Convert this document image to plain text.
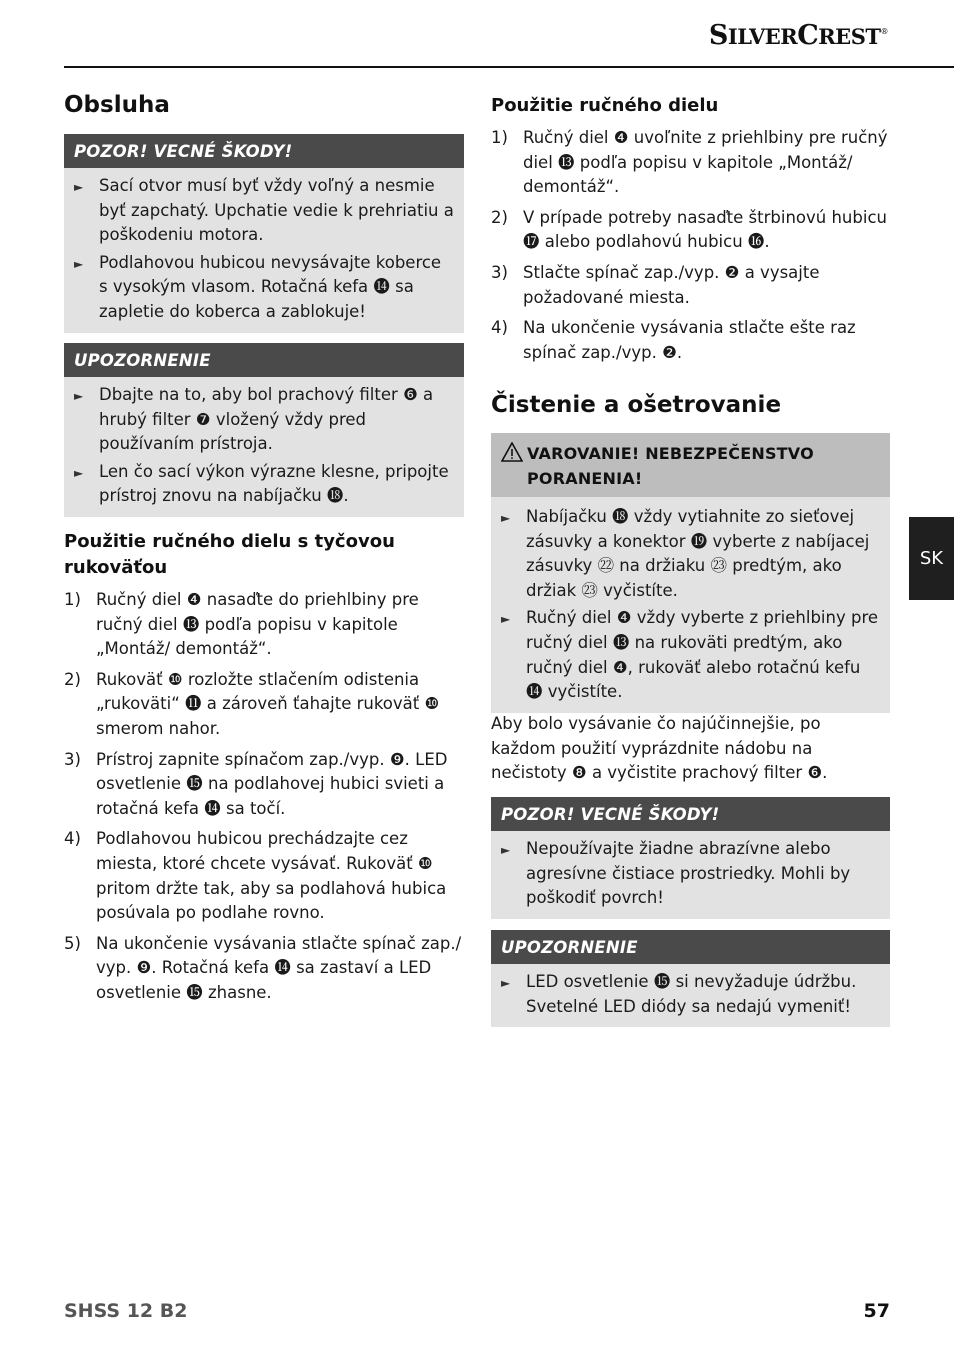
SILVERCREST®
SK
Obsluha
POZOR! VECNÉ ŠKODY!
► Sací otvor musí byť vždy voľný a nesmie byť zapchatý. Upchatie vedie k prehriatiu a poškodeniu motora.
► Podlahovou hubicou nevysávajte koberce s vysokým vlasom. Rotačná kefa ⓮ sa zapletie do koberca a zablokuje!
UPOZORNENIE
► Dbajte na to, aby bol prachový filter ❻ a hrubý filter ❼ vložený vždy pred používaním prístroja.
► Len čo sací výkon výrazne klesne, pripojte prístroj znovu na nabíjačku ⓲.
Použitie ručného dielu s tyčovou rukoväťou
1) Ručný diel ❹ nasaďte do priehlbiny pre ručný diel ⓭ podľa popisu v kapitole „Montáž/ demontáž“.
2) Rukoväť ❿ rozložte stlačením odistenia „rukoväti“ ⓫ a zároveň ťahajte rukoväť ❿ smerom nahor.
3) Prístroj zapnite spínačom zap./vyp. ❾. LED osvetlenie ⓯ na podlahovej hubici svieti a rotačná kefa ⓮ sa točí.
4) Podlahovou hubicou prechádzajte cez miesta, ktoré chcete vysávať. Rukoväť ❿ pritom držte tak, aby sa podlahová hubica posúvala po podlahe rovno.
5) Na ukončenie vysávania stlačte spínač zap./ vyp. ❾. Rotačná kefa ⓮ sa zastaví a LED osvetlenie ⓯ zhasne.
Použitie ručného dielu
1) Ručný diel ❹ uvoľnite z priehlbiny pre ručný diel ⓭ podľa popisu v kapitole „Montáž/ demontáž“.
2) V prípade potreby nasaďte štrbinovú hubicu ⓱ alebo podlahovú hubicu ⓰.
3) Stlačte spínač zap./vyp. ❷ a vysajte požadované miesta.
4) Na ukončenie vysávania stlačte ešte raz spínač zap./vyp. ❷.
Čistenie a ošetrovanie
VAROVANIE! NEBEZPEČENSTVO
PORANENIA!
► Nabíjačku ⓲ vždy vytiahnite zo sieťovej zásuvky a konektor ⓳ vyberte z nabíjacej zásuvky ㉒ na držiaku ㉓ predtým, ako držiak ㉓ vyčistíte.
► Ručný diel ❹ vždy vyberte z priehlbiny pre ručný diel ⓭ na rukoväti predtým, ako ručný diel ❹, rukoväť alebo rotačnú kefu ⓮ vyčistíte.
Aby bolo vysávanie čo najúčinnejšie, po každom použití vyprázdnite nádobu na nečistoty ❽ a vyčistite prachový filter ❻.
POZOR! VECNÉ ŠKODY!
► Nepoužívajte žiadne abrazívne alebo agresívne čistiace prostriedky. Mohli by poškodiť povrch!
UPOZORNENIE
► LED osvetlenie ⓯ si nevyžaduje údržbu. Svetelné LED diódy sa nedajú vymeniť!
SHSS 12 B2	57
